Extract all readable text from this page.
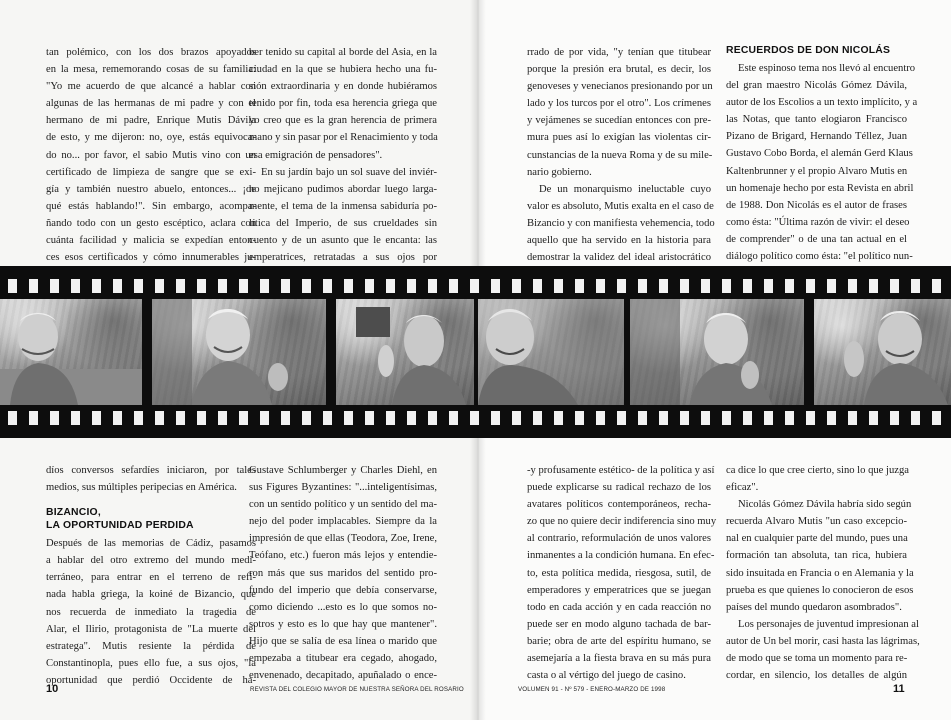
tan polémico, con los dos brazos apoyados
en la mesa, rememorando cosas de su familia:
"Yo me acuerdo de que alcancé a hablar con
algunas de las hermanas de mi padre y con el
hermano de mi padre, Enrique Mutis Dávila
de esto, y me dijeron: no, oye, estás equivoca-
do no... por favor, el sabio Mutis vino con un
certificado de limpieza de sangre que se exi-
gía y también nuestro abuelo, entonces... ¡de
qué estás hablando!". Sin embargo, acompa-
ñando todo con un gesto escéptico, aclara con
cuánta facilidad y malicia se expedían enton-
ces esos certificados y cómo innumerables ju-
ber tenido su capital al borde del Asia, en la
ciudad en la que se hubiera hecho una fu-
sión extraordinaria y en donde hubiéramos
tenido por fin, toda esa herencia griega que
yo creo que es la gran herencia de primera
mano y sin pasar por el Renacimiento y toda
esa emigración de pensadores".
En su jardín bajo un sol suave del inviér-
no mejicano pudimos abordar luego larga-
mente, el tema de la inmensa sabiduría po-
lítica del Imperio, de sus crueldades sin
cuento y de un asunto que le encanta: las
emperatrices, retratadas a sus ojos por
rrado de por vida, "y tenían que titubear
porque la presión era brutal, es decir, los
genoveses y venecianos presionando por un
lado y los turcos por el otro". Los crímenes
y vejámenes se sucedían entonces con pre-
mura pues así lo exigían las violentas cir-
cunstancias de la nueva Roma y de su mile-
nario gobierno.
De un monarquismo ineluctable cuyo
valor es absoluto, Mutis exalta en el caso de
Bizancio y con manifiesta vehemencia, todo
aquello que ha servido en la historia para
demostrar la validez del ideal aristocrático
RECUERDOS DE DON NICOLÁS
Este espinoso tema nos llevó al encuentro
del gran maestro Nicolás Gómez Dávila,
autor de los Escolios a un texto implícito, y a
las Notas, que tanto elogiaron Francisco
Pizano de Brigard, Hernando Téllez, Juan
Gustavo Cobo Borda, el alemán Gerd Klaus
Kaltenbrunner y el propio Alvaro Mutis en
un homenaje hecho por esta Revista en abril
de 1988. Don Nicolás es el autor de frases
como ésta: "Última razón de vivir: el deseo
de comprender" o de una tan actual en el
diálogo político como ésta: "el político nun-
díos conversos sefardíes iniciaron, por tales
medios, sus múltiples peripecias en América.
BIZANCIO,
LA OPORTUNIDAD PERDIDA
Después de las memorias de Cádiz, pasamos
a hablar del otro extremo del mundo medi-
terráneo, para entrar en el terreno de refi-
nada habla griega, la koiné de Bizancio, que
nos recuerda de inmediato la tragedia de
Alar, el Ilirio, protagonista de "La muerte del
estratega". Mutis resiente la pérdida de
Constantinopla, pues ello fue, a sus ojos, "la
oportunidad que perdió Occidente de ha-
Gustave Schlumberger y Charles Diehl, en
sus Figures Byzantines: "...inteligentísimas,
con un sentido político y un sentido del ma-
nejo del poder implacables. Siempre da la
impresión de que ellas (Teodora, Zoe, Irene,
Teófano, etc.) fueron más lejos y entendie-
ron más que sus maridos del sentido pro-
fundo del imperio que debía conservarse,
como diciendo ...esto es lo que somos no-
sotros y esto es lo que hay que mantener".
Hijo que se salía de esa línea o marido que
empezaba a titubear era cegado, ahogado,
envenenado, decapitado, apuñalado o ence-
-y profusamente estético- de la política y así
puede explicarse su radical rechazo de los
avatares políticos contemporáneos, recha-
zo que no quiere decir indiferencia sino muy
al contrario, reformulación de unos valores
inmanentes a la condición humana. En efec-
to, esta política medida, riesgosa, sutil, de
emperadores y emperatrices que se juegan
todo en cada acción y en cada reacción no
puede ser en modo alguno tachada de bar-
barie; obra de arte del espíritu humano, se
asemejaría a la fiesta brava en su más pura
casta o al vértigo del juego de casino.
ca dice lo que cree cierto, sino lo que juzga
eficaz".
Nicolás Gómez Dávila habría sido según
recuerda Alvaro Mutis "un caso excepcio-
nal en cualquier parte del mundo, pues una
formación tan absoluta, tan rica, hubiera
sido insuitada en Francia o en Alemania y la
prueba es que quienes lo conocieron de esos
países del mundo quedaron asombrados".
Los personajes de juventud impresionan al
autor de Un bel morir, casi hasta las lágrimas,
de modo que se toma un momento para re-
cordar, en silencio, los detalles de algún
10	REVISTA DEL COLEGIO MAYOR DE NUESTRA SEÑORA DEL ROSARIO	VOLUMEN 91 - Nº 579 - ENERO-MARZO DE 1998	11
